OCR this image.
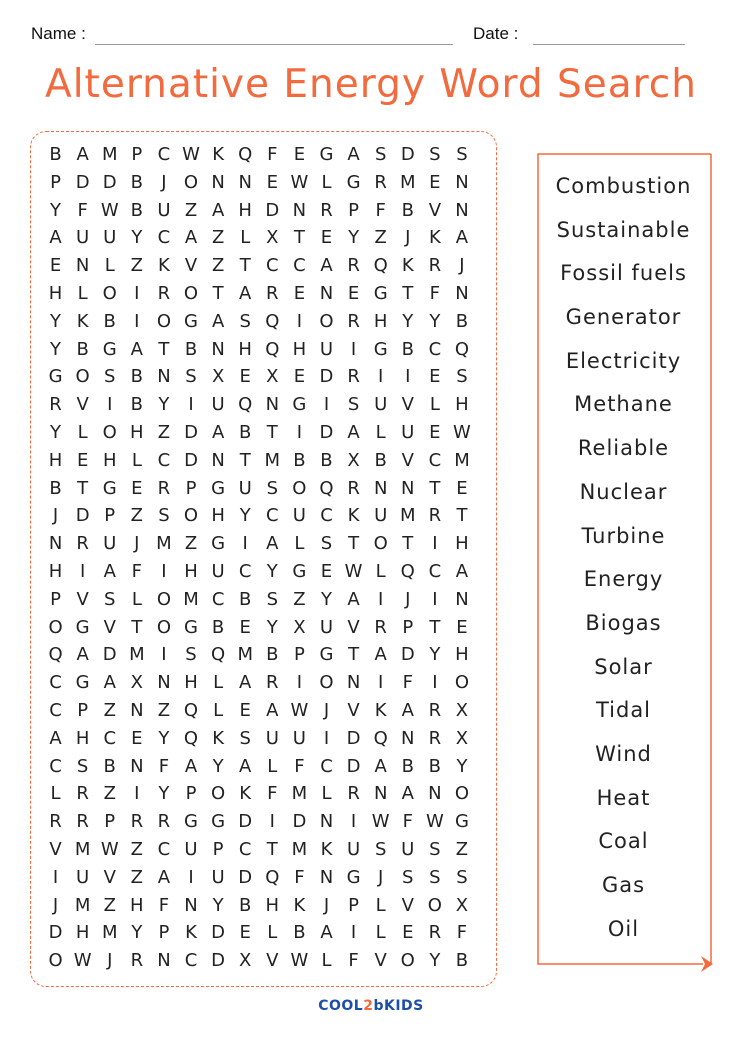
Name :	Date :
Alternative Energy Word Search
B A M P C W K Q F E G A S D S S
P D D B	J O N N E W L G R M E N
Y F W B U Z A H D N R P F B V N
A U U Y C A Z L X T E Y Z	J	K A
E N L Z K V Z T C C A R Q K R	J
H L O I	R O T A R E N E G T F N
Y K B	I O G A S Q I O R H Y Y B
Y B G A T B N H Q H U I G B C Q
G O S B N S X E X E D R	I	I	E S
R V	I	B Y	I U Q N G I	S U V L H
Y L O H Z D A B T	I D A L U E W
H E H L C D N T M B B X B V C M
B T G E R P G U S O Q R N N T E
J D P Z S O H Y C U C K U M R T
N R U J M Z G I	A L S T O T	I H
H I	A F	I H U C Y G E W L Q C A
P V S L O M C B S Z Y A	I	J	I N
O G V T O G B E Y X U V R P T E
Q A D M I	S Q M B P G T A D Y H
C G A X N H L A R	I O N I	F	I O
C P Z N Z Q L E A W J	V K A R X
A H C E Y Q K S U U I D Q N R X
C S B N F A Y A L F C D A B B Y
L R Z	I	Y P O K F M L R N A N O
R R P R R G G D I D N I W F W G
V M W Z C U P C T M K U S U S Z
I U V Z A	I U D Q F N G J	S S S
J M Z H F N Y B H K	J	P L V O X
D H M Y P K D E L B A	I	L E R F
O W J	R N C D X V W L F V O Y B
Combustion
Sustainable
Fossil fuels
Generator
Electricity
Methane
Reliable
Nuclear
Turbine
Energy
Biogas
Solar
Tidal
Wind
Heat
Coal
Gas
Oil
COOL2bKIDS
